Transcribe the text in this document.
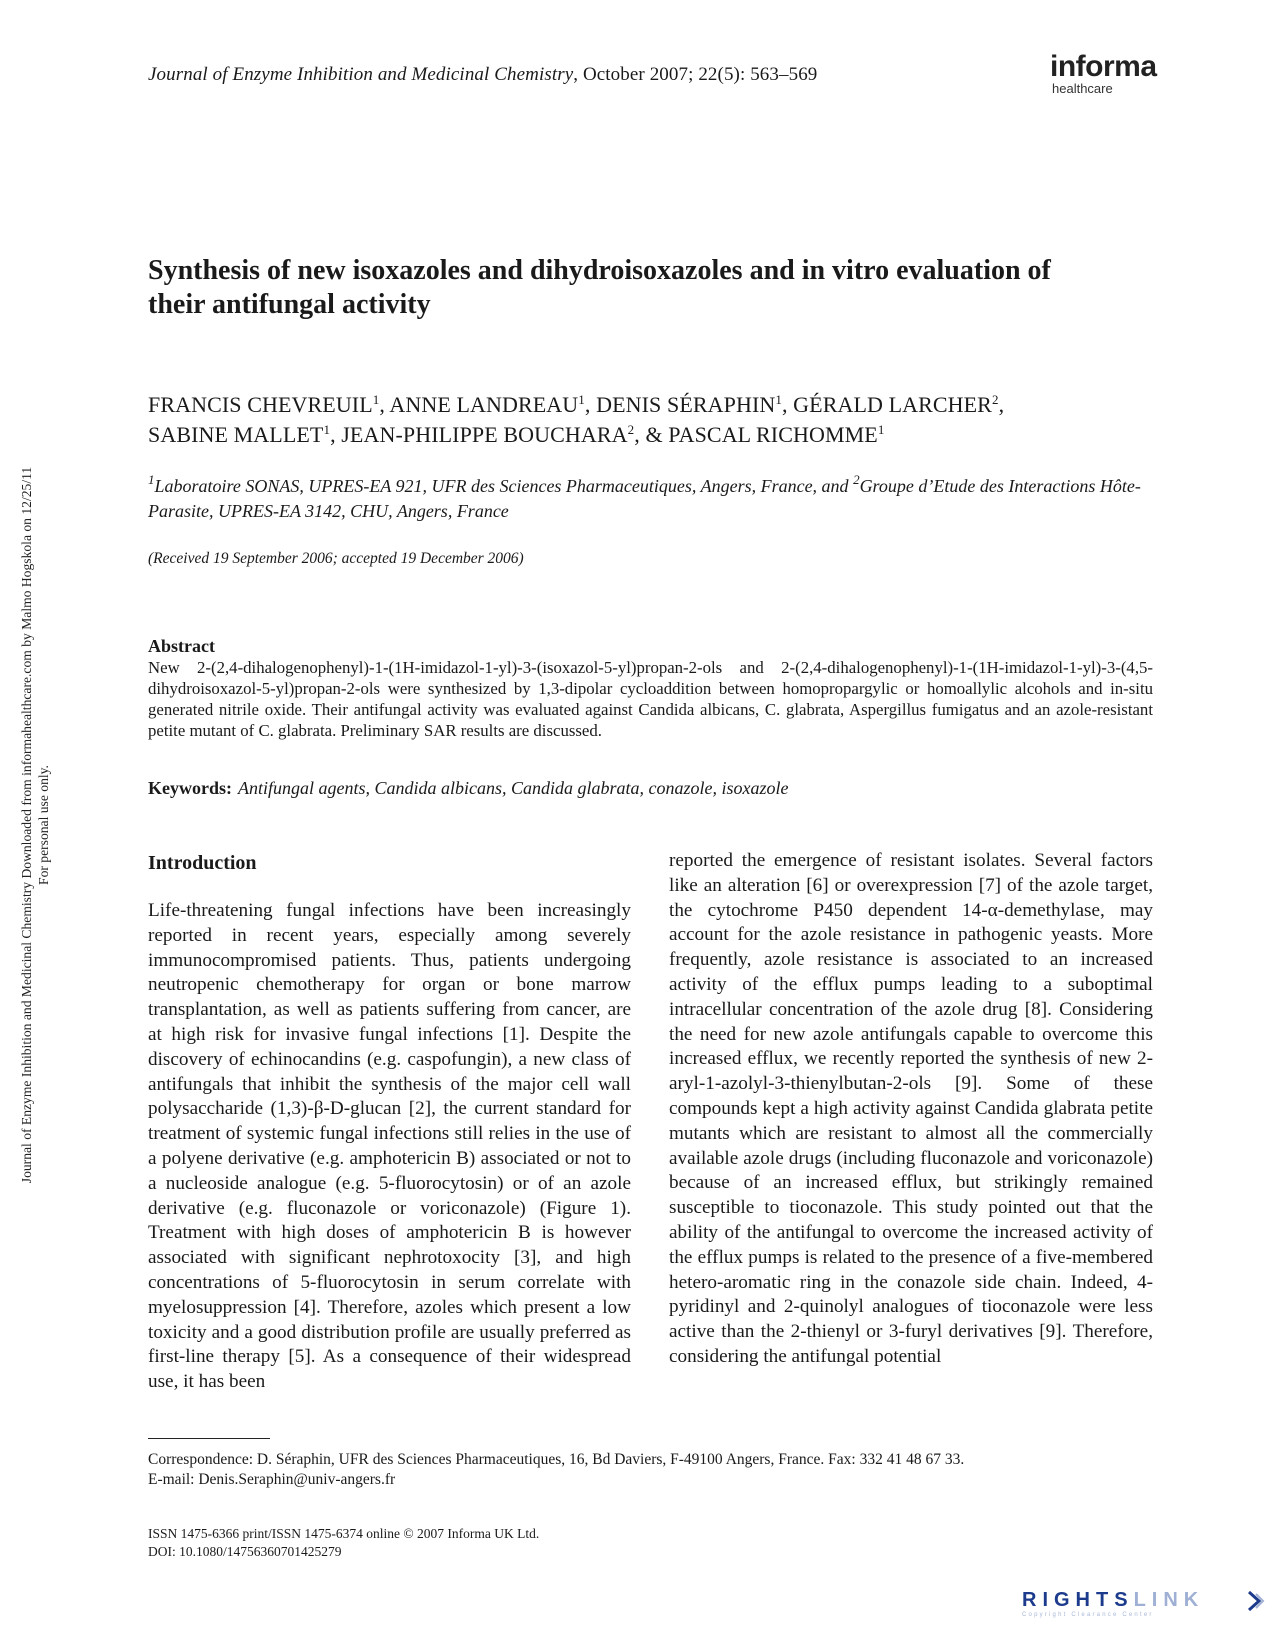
Journal of Enzyme Inhibition and Medicinal Chemistry Downloaded from informahealthcare.com by Malmo Hogskola on 12/25/11 For personal use only.
Journal of Enzyme Inhibition and Medicinal Chemistry, October 2007; 22(5): 563–569	informa
healthcare
Synthesis of new isoxazoles and dihydroisoxazoles and in vitro evaluation of their antifungal activity
FRANCIS CHEVREUIL$^1$, ANNE LANDREAU$^1$, DENIS SÉRAPHIN$^1$, GÉRALD LARCHER$^2$,
SABINE MALLET$^1$, JEAN-PHILIPPE BOUCHARA$^2$, & PASCAL RICHOMME$^1$
$^1$Laboratoire SONAS, UPRES-EA 921, UFR des Sciences Pharmaceutiques, Angers, France, and $^2$Groupe d’Etude des Interactions Hôte-Parasite, UPRES-EA 3142, CHU, Angers, France
(Received 19 September 2006; accepted 19 December 2006)
Abstract
New 2-(2,4-dihalogenophenyl)-1-(1H-imidazol-1-yl)-3-(isoxazol-5-yl)propan-2-ols and 2-(2,4-dihalogenophenyl)-1-(1H-imidazol-1-yl)-3-(4,5-dihydroisoxazol-5-yl)propan-2-ols were synthesized by 1,3-dipolar cycloaddition between homopropargylic or homoallylic alcohols and in-situ generated nitrile oxide. Their antifungal activity was evaluated against Candida albicans, C. glabrata, Aspergillus fumigatus and an azole-resistant petite mutant of C. glabrata. Preliminary SAR results are discussed.
Keywords: Antifungal agents, Candida albicans, Candida glabrata, conazole, isoxazole
Introduction
Life-threatening fungal infections have been increasingly reported in recent years, especially among severely immunocompromised patients. Thus, patients undergoing neutropenic chemotherapy for organ or bone marrow transplantation, as well as patients suffering from cancer, are at high risk for invasive fungal infections [1]. Despite the discovery of echinocandins (e.g. caspofungin), a new class of antifungals that inhibit the synthesis of the major cell wall polysaccharide (1,3)-β-D-glucan [2], the current standard for treatment of systemic fungal infections still relies in the use of a polyene derivative (e.g. amphotericin B) associated or not to a nucleoside analogue (e.g. 5-fluorocytosin) or of an azole derivative (e.g. fluconazole or voriconazole) (Figure 1). Treatment with high doses of amphotericin B is however associated with significant nephrotoxocity [3], and high concentrations of 5-fluorocytosin in serum correlate with myelosuppression [4]. Therefore, azoles which present a low toxicity and a good distribution profile are usually preferred as first-line therapy [5]. As a consequence of their widespread use, it has been
reported the emergence of resistant isolates. Several factors like an alteration [6] or overexpression [7] of the azole target, the cytochrome P450 dependent 14-α-demethylase, may account for the azole resistance in pathogenic yeasts. More frequently, azole resistance is associated to an increased activity of the efflux pumps leading to a suboptimal intracellular concentration of the azole drug [8]. Considering the need for new azole antifungals capable to overcome this increased efflux, we recently reported the synthesis of new 2-aryl-1-azolyl-3-thienylbutan-2-ols [9]. Some of these compounds kept a high activity against Candida glabrata petite mutants which are resistant to almost all the commercially available azole drugs (including fluconazole and voriconazole) because of an increased efflux, but strikingly remained susceptible to tioconazole. This study pointed out that the ability of the antifungal to overcome the increased activity of the efflux pumps is related to the presence of a five-membered hetero-aromatic ring in the conazole side chain. Indeed, 4-pyridinyl and 2-quinolyl analogues of tioconazole were less active than the 2-thienyl or 3-furyl derivatives [9]. Therefore, considering the antifungal potential
Correspondence: D. Séraphin, UFR des Sciences Pharmaceutiques, 16, Bd Daviers, F-49100 Angers, France. Fax: 332 41 48 67 33.
E-mail: Denis.Seraphin@univ-angers.fr
ISSN 1475-6366 print/ISSN 1475-6374 online © 2007 Informa UK Ltd.
DOI: 10.1080/14756360701425279
RIGHTSLINK
Copyright Clearance Center
